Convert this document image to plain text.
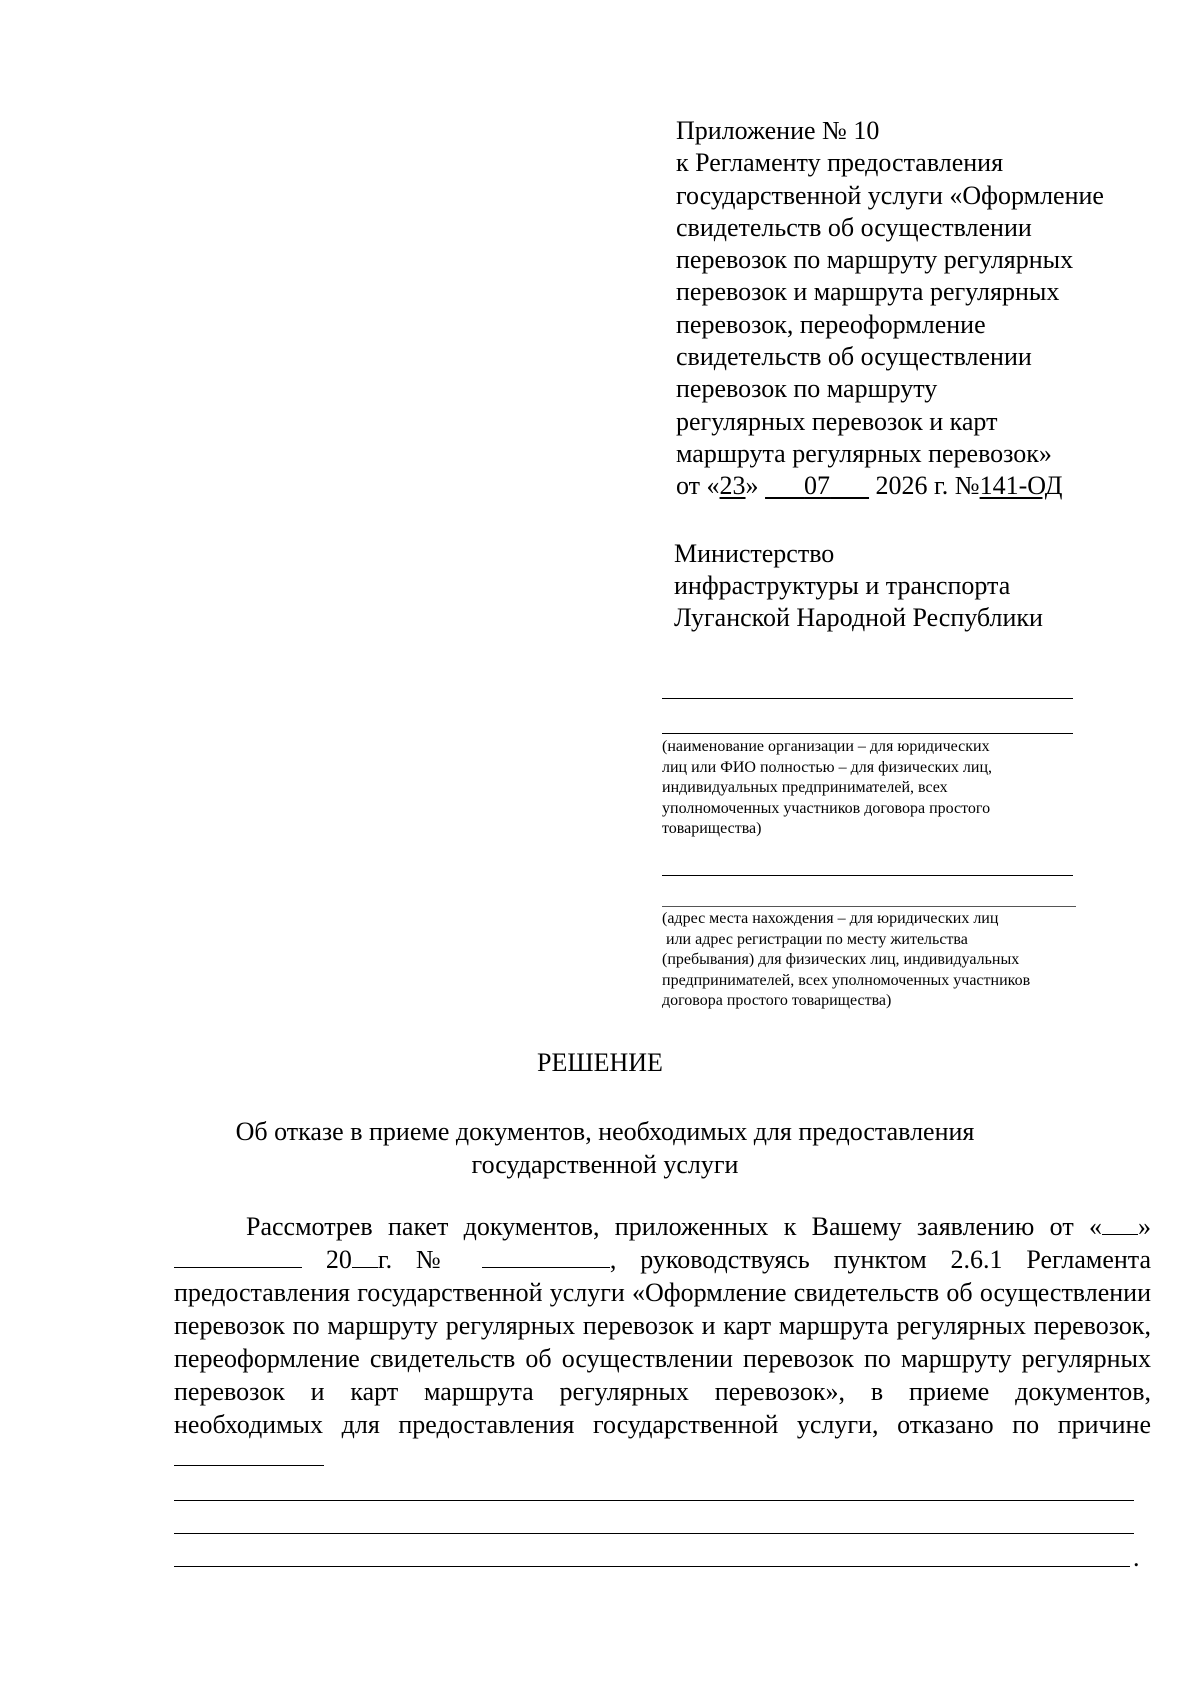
Приложение № 10
к Регламенту предоставления
государственной услуги «Оформление
свидетельств об осуществлении
перевозок по маршруту регулярных
перевозок и маршрута регулярных
перевозок, переоформление
свидетельств об осуществлении
перевозок по маршруту
регулярных перевозок и карт
маршрута регулярных перевозок»
от «23» 07 2026 г. №141-ОД
Министерство
инфраструктуры и транспорта
Луганской Народной Республики
(наименование организации – для юридических
лиц или ФИО полностью – для физических лиц,
индивидуальных предпринимателей, всех
уполномоченных участников договора простого
товарищества)
(адрес места нахождения – для юридических лиц
или адрес регистрации по месту жительства
(пребывания) для физических лиц, индивидуальных
предпринимателей, всех уполномоченных участников
договора простого товарищества)
РЕШЕНИЕ
Об отказе в приеме документов, необходимых для предоставления
государственной услуги

Рассмотрев пакет документов, приложенных к Вашему заявлению от « »  20 г. №	, руководствуясь пунктом 2.6.1 Регламента предоставления государственной услуги «Оформление свидетельств об осуществлении перевозок по маршруту регулярных перевозок и карт маршрута регулярных перевозок, переоформление свидетельств об осуществлении перевозок по маршруту регулярных перевозок и карт маршрута регулярных перевозок», в приеме документов, необходимых для предоставления государственной услуги, отказано по причине

.
